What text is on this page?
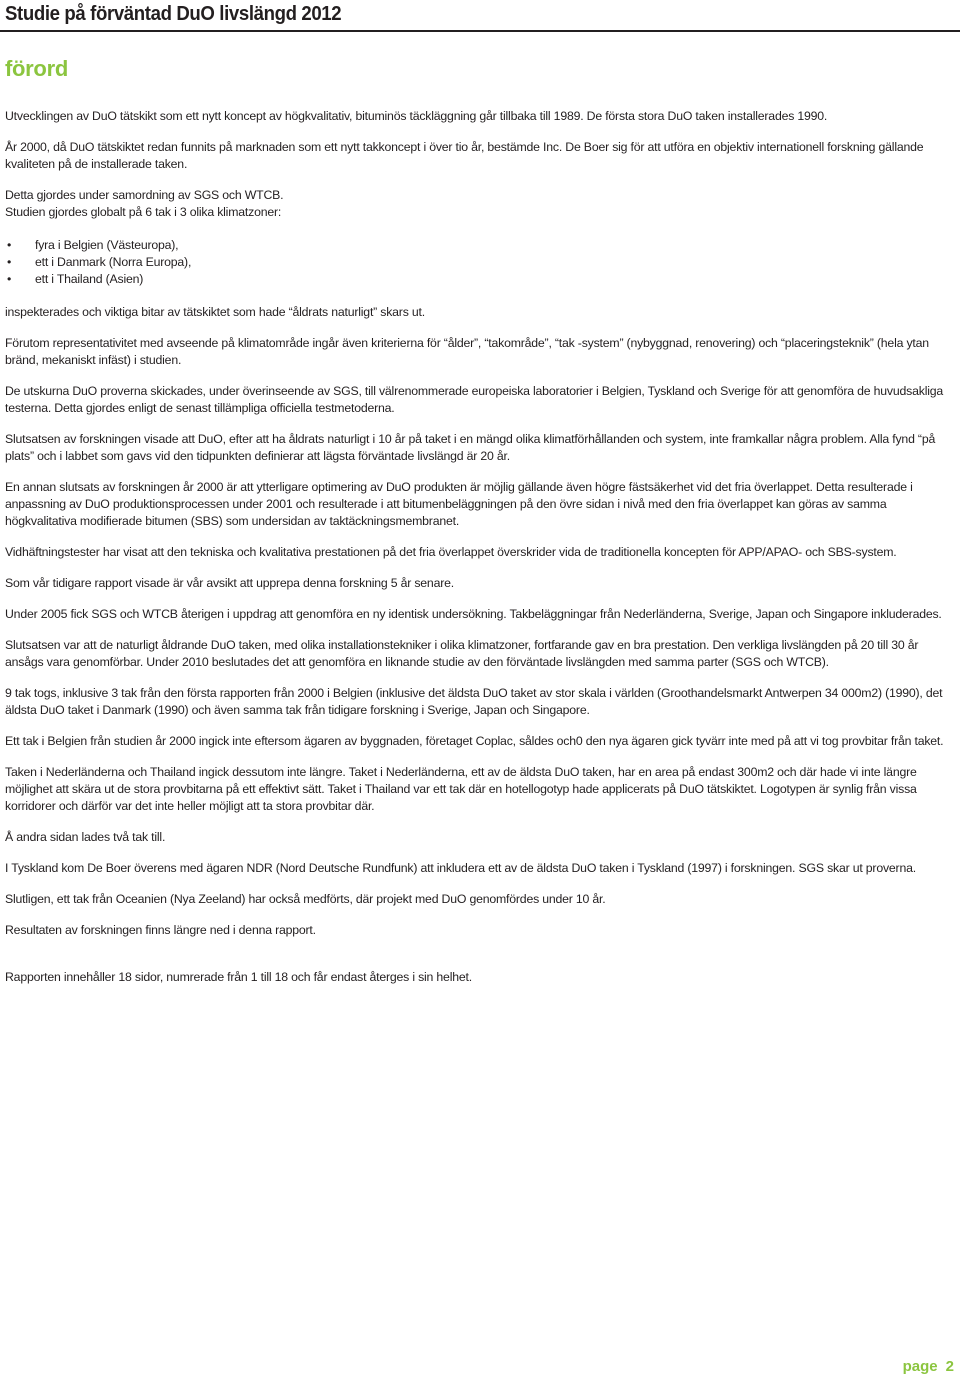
Studie på förväntad DuO livslängd 2012
förord

Utvecklingen av DuO tätskikt som ett nytt koncept av högkvalitativ, bituminös täckläggning går tillbaka till 1989. De första stora DuO taken installerades 1990.

År 2000, då DuO tätskiktet redan funnits på marknaden som ett nytt takkoncept i över tio år, bestämde Inc. De Boer sig för att utföra en objektiv internationell forskning gällande kvaliteten på de installerade taken.

Detta gjordes under samordning av SGS och WTCB.

Studien gjordes globalt på 6 tak i 3 olika klimatzoner:

• fyra i Belgien (Västeuropa),
• ett i Danmark (Norra Europa),
• ett i Thailand (Asien)

inspekterades och viktiga bitar av tätskiktet som hade “åldrats naturligt” skars ut.

Förutom representativitet med avseende på klimatområde ingår även kriterierna för “ålder”, “takområde”, “tak -system” (nybyggnad, renovering) och “placeringsteknik” (hela ytan bränd, mekaniskt infäst) i studien.

De utskurna DuO proverna skickades, under överinseende av SGS, till välrenommerade europeiska laboratorier i Belgien, Tyskland och Sverige för att genomföra de huvudsakliga testerna. Detta gjordes enligt de senast tillämpliga officiella testmetoderna.

Slutsatsen av forskningen visade att DuO, efter att ha åldrats naturligt i 10 år på taket i en mängd olika klimatförhållanden och system, inte framkallar några problem. Alla fynd “på plats” och i labbet som gavs vid den tidpunkten definierar att lägsta förväntade livslängd är 20 år.

En annan slutsats av forskningen år 2000 är att ytterligare optimering av DuO produkten är möjlig gällande även högre fästsäkerhet vid det fria överlappet. Detta resulterade i anpassning av DuO produktionsprocessen under 2001 och resulterade i att bitumenbeläggningen på den övre sidan i nivå med den fria överlappet kan göras av samma högkvalitativa modifierade bitumen (SBS) som undersidan av taktäckningsmembranet.

Vidhäftningstester har visat att den tekniska och kvalitativa prestationen på det fria överlappet överskrider vida de traditionella koncepten för APP/APAO- och SBS-system.

Som vår tidigare rapport visade är vår avsikt att upprepa denna forskning 5 år senare.

Under 2005 fick SGS och WTCB återigen i uppdrag att genomföra en ny identisk undersökning. Takbeläggningar från Nederländerna, Sverige, Japan och Singapore inkluderades.

Slutsatsen var att de naturligt åldrande DuO taken, med olika installationstekniker i olika klimatzoner, fortfarande gav en bra prestation. Den verkliga livslängden på 20 till 30 år ansågs vara genomförbar. Under 2010 beslutades det att genomföra en liknande studie av den förväntade livslängden med samma parter (SGS och WTCB).

9 tak togs, inklusive 3 tak från den första rapporten från 2000 i Belgien (inklusive det äldsta DuO taket av stor skala i världen (Groothandelsmarkt Antwerpen 34 000m2) (1990), det äldsta DuO taket i Danmark (1990) och även samma tak från tidigare forskning i Sverige, Japan och Singapore.

Ett tak i Belgien från studien år 2000 ingick inte eftersom ägaren av byggnaden, företaget Coplac, såldes och0 den nya ägaren gick tyvärr inte med på att vi tog provbitar från taket.

Taken i Nederländerna och Thailand ingick dessutom inte längre. Taket i Nederländerna, ett av de äldsta DuO taken, har en area på endast 300m2 och där hade vi inte längre möjlighet att skära ut de stora provbitarna på ett effektivt sätt. Taket i Thailand var ett tak där en hotellogotyp hade applicerats på DuO tätskiktet. Logotypen är synlig från vissa korridorer och därför var det inte heller möjligt att ta stora provbitar där.

Å andra sidan lades två tak till.

I Tyskland kom De Boer överens med ägaren NDR (Nord Deutsche Rundfunk) att inkludera ett av de äldsta DuO taken i Tyskland (1997) i forskningen. SGS skar ut proverna.

Slutligen, ett tak från Oceanien (Nya Zeeland) har också medförts, där projekt med DuO genomfördes under 10 år.

Resultaten av forskningen finns längre ned i denna rapport.

Rapporten innehåller 18 sidor, numrerade från 1 till 18 och får endast återges i sin helhet.

page 2
